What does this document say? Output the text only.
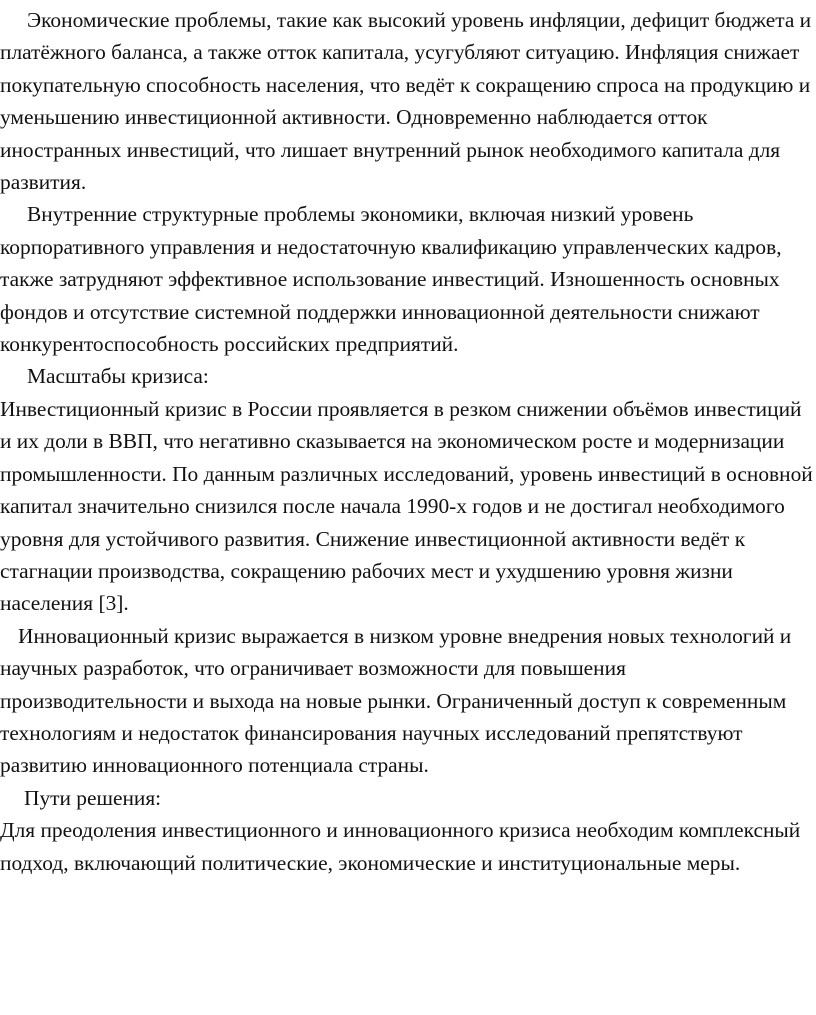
Экономические проблемы, такие как высокий уровень инфляции, дефицит бюджета и платёжного баланса, а также отток капитала, усугубляют ситуацию. Инфляция снижает покупательную способность населения, что ведёт к сокращению спроса на продукцию и уменьшению инвестиционной активности. Одновременно наблюдается отток иностранных инвестиций, что лишает внутренний рынок необходимого капитала для развития.

Внутренние структурные проблемы экономики, включая низкий уровень корпоративного управления и недостаточную квалификацию управленческих кадров, также затрудняют эффективное использование инвестиций. Изношенность основных фондов и отсутствие системной поддержки инновационной деятельности снижают конкурентоспособность российских предприятий.

Масштабы кризиса:

Инвестиционный кризис в России проявляется в резком снижении объёмов инвестиций и их доли в ВВП, что негативно сказывается на экономическом росте и модернизации промышленности. По данным различных исследований, уровень инвестиций в основной капитал значительно снизился после начала 1990-х годов и не достигал необходимого уровня для устойчивого развития. Снижение инвестиционной активности ведёт к стагнации производства, сокращению рабочих мест и ухудшению уровня жизни населения [3].

Инновационный кризис выражается в низком уровне внедрения новых технологий и научных разработок, что ограничивает возможности для повышения производительности и выхода на новые рынки. Ограниченный доступ к современным технологиям и недостаток финансирования научных исследований препятствуют развитию инновационного потенциала страны.

Пути решения:

Для преодоления инвестиционного и инновационного кризиса необходим комплексный подход, включающий политические, экономические и институциональные меры.
